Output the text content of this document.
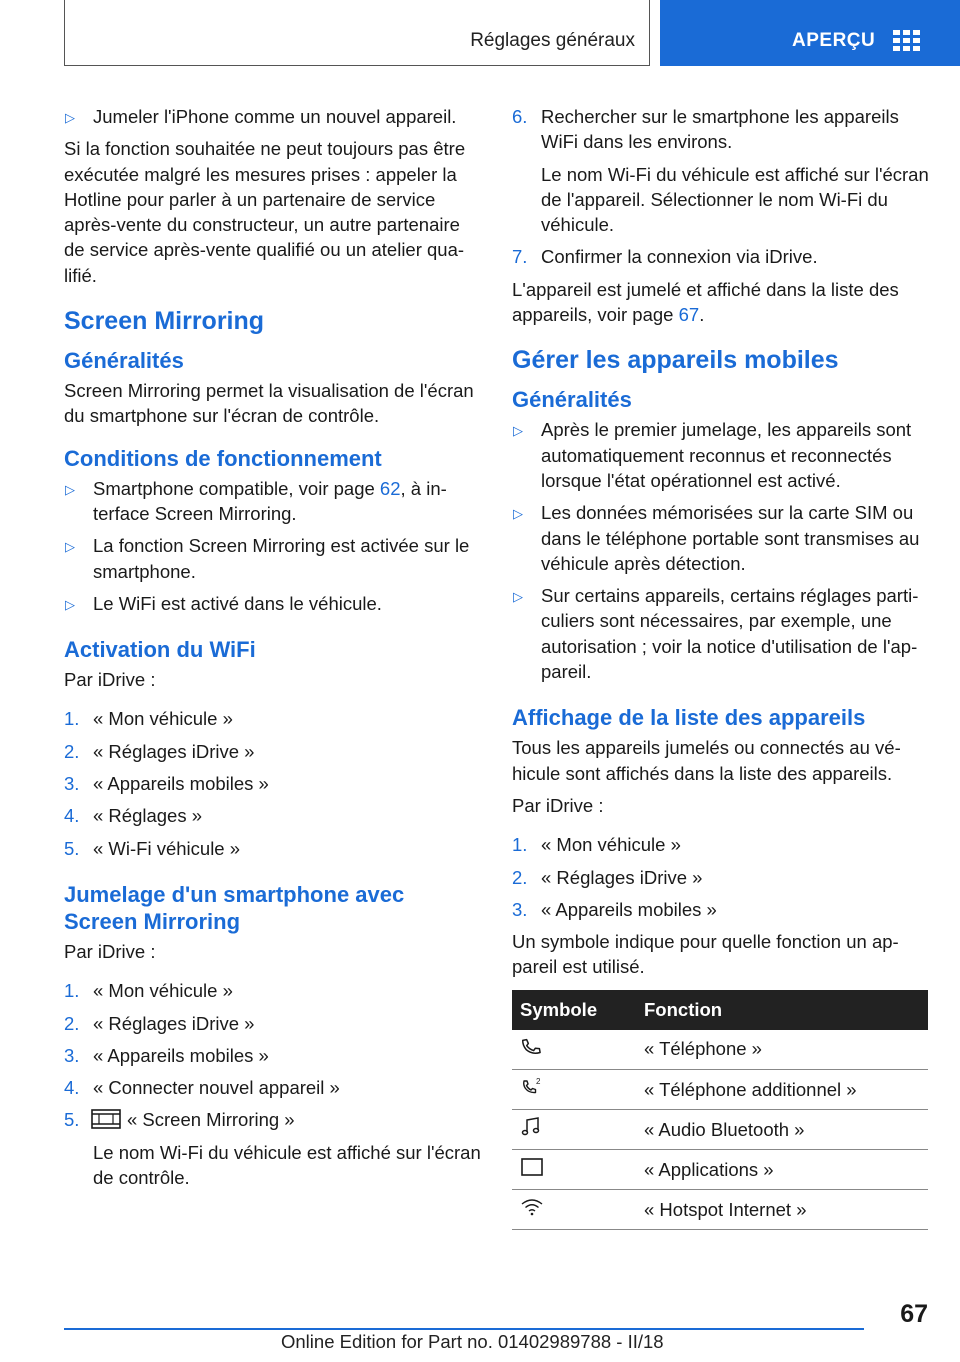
Réglages généraux	APERÇU
▷ Jumeler l'iPhone comme un nouvel appareil.

Si la fonction souhaitée ne peut toujours pas être exécutée malgré les mesures prises : appeler la Hotline pour parler à un partenaire de service après-vente du constructeur, un autre partenaire de service après-vente qualifié ou un atelier qualifié.

Screen Mirroring
Généralités

Screen Mirroring permet la visualisation de l'écran du smartphone sur l'écran de contrôle.

Conditions de fonctionnement
▷ Smartphone compatible, voir page 62, à interface Screen Mirroring.
▷ La fonction Screen Mirroring est activée sur le smartphone.
▷ Le WiFi est activé dans le véhicule.
Activation du WiFi

Par iDrive :

1. « Mon véhicule »
2. « Réglages iDrive »
3. « Appareils mobiles »
4. « Réglages »
5. « Wi-Fi véhicule »
Jumelage d'un smartphone avec Screen Mirroring

Par iDrive :

1. « Mon véhicule »
2. « Réglages iDrive »
3. « Appareils mobiles »
4. « Connecter nouvel appareil »
5.	« Screen Mirroring »
Le nom Wi-Fi du véhicule est affiché sur l'écran de contrôle.
6. Rechercher sur le smartphone les appareils WiFi dans les environs.
Le nom Wi-Fi du véhicule est affiché sur l'écran de l'appareil. Sélectionner le nom Wi-Fi du véhicule.
7. Confirmer la connexion via iDrive.

L'appareil est jumelé et affiché dans la liste des appareils, voir page 67.

Gérer les appareils mobiles
Généralités
▷ Après le premier jumelage, les appareils sont automatiquement reconnus et reconnectés lorsque l'état opérationnel est activé.
▷ Les données mémorisées sur la carte SIM ou dans le téléphone portable sont transmises au véhicule après détection.
▷ Sur certains appareils, certains réglages particuliers sont nécessaires, par exemple, une autorisation ; voir la notice d'utilisation de l'appareil.
Affichage de la liste des appareils

Tous les appareils jumelés ou connectés au véhicule sont affichés dans la liste des appareils.

Par iDrive :

1. « Mon véhicule »
2. « Réglages iDrive »
3. « Appareils mobiles »

Un symbole indique pour quelle fonction un appareil est utilisé.

Symbole	Fonction
	« Téléphone »

2	« Téléphone additionnel »
	« Audio Bluetooth »
	« Applications »
	« Hotspot Internet »
67
Online Edition for Part no. 01402989788 - II/18
